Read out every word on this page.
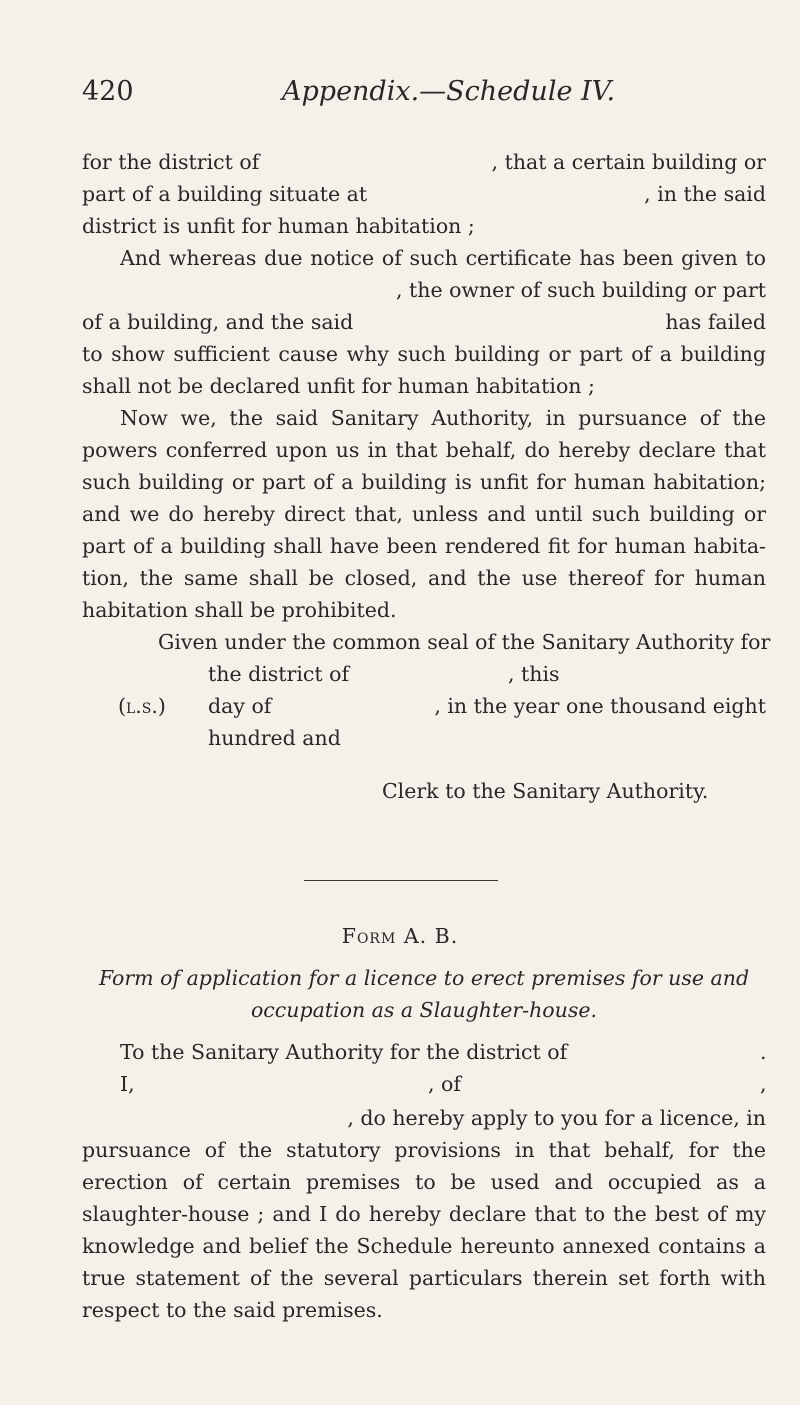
420	Appendix.—Schedule IV.
for the district of	, that a certain building or
part of a building situate at	, in the said
district is unfit for human habitation ;
And whereas due notice of such certificate has been given to
, the owner of such building or part
of a building, and the said	has failed
to show sufficient cause why such building or part of a building
shall not be declared unfit for human habitation ;
Now we, the said Sanitary Authority, in pursuance of the
powers conferred upon us in that behalf, do hereby declare that
such building or part of a building is unfit for human habitation;
and we do hereby direct that, unless and until such building or
part of a building shall have been rendered fit for human habita-
tion, the same shall be closed, and the use thereof for human
habitation shall be prohibited.
Given under the common seal of the Sanitary Authority for
the district of	, this
(l.s.) day of	, in the year one thousand eight
hundred and
Clerk to the Sanitary Authority.
Form A. B.
Form of application for a licence to erect premises for use and
occupation as a Slaughter-house.
To the Sanitary Authority for the district of	.
I,	, of	,
, do hereby apply to you for a licence, in
pursuance of the statutory provisions in that behalf, for the
erection of certain premises to be used and occupied as a
slaughter-house ; and I do hereby declare that to the best of my
knowledge and belief the Schedule hereunto annexed contains a
true statement of the several particulars therein set forth with
respect to the said premises.
